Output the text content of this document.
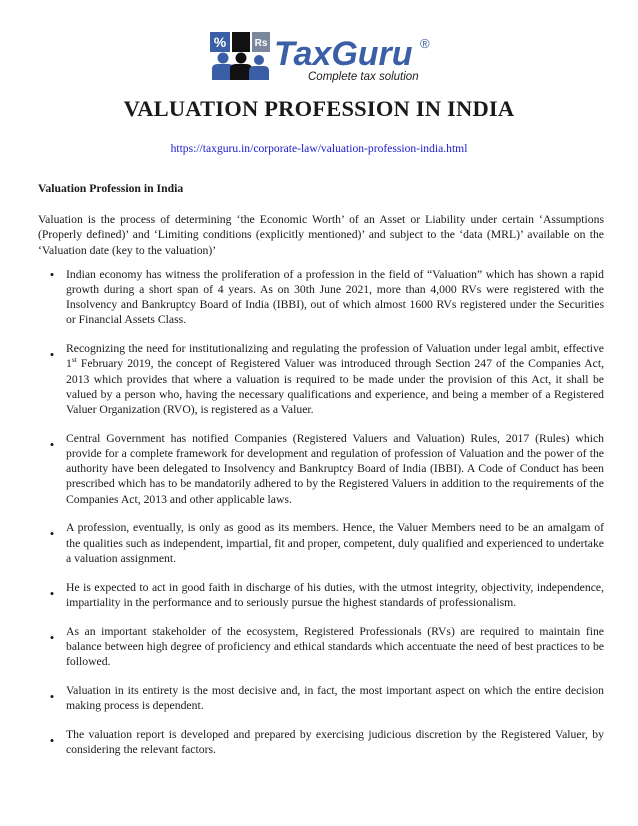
%	Rs TaxGuru ®
Complete tax solution
VALUATION PROFESSION IN INDIA
https://taxguru.in/corporate-law/valuation-profession-india.html

Valuation Profession in India

Valuation is the process of determining ‘the Economic Worth’ of an Asset or Liability under certain ‘Assumptions (Properly defined)’ and ‘Limiting conditions (explicitly mentioned)’ and subject to the ‘data (MRL)’ available on the ‘Valuation date (key to the valuation)’

•	Indian economy has witness the proliferation of a profession in the field of “Valuation” which has shown a rapid growth during a short span of 4 years. As on 30th June 2021, more than 4,000 RVs were registered with the Insolvency and Bankruptcy Board of India (IBBI), out of which almost 1600 RVs registered under the Securities or Financial Assets Class.
•	Recognizing the need for institutionalizing and regulating the profession of Valuation under legal ambit, effective 1st February 2019, the concept of Registered Valuer was introduced through Section 247 of the Companies Act, 2013 which provides that where a valuation is required to be made under the provision of this Act, it shall be valued by a person who, having the necessary qualifications and experience, and being a member of a Registered Valuer Organization (RVO), is registered as a Valuer.
•	Central Government has notified Companies (Registered Valuers and Valuation) Rules, 2017 (Rules) which provide for a complete framework for development and regulation of profession of Valuation and the power of the authority have been delegated to Insolvency and Bankruptcy Board of India (IBBI). A Code of Conduct has been prescribed which has to be mandatorily adhered to by the Registered Valuers in addition to the requirements of the Companies Act, 2013 and other applicable laws.
•	A profession, eventually, is only as good as its members. Hence, the Valuer Members need to be an amalgam of the qualities such as independent, impartial, fit and proper, competent, duly qualified and experienced to undertake a valuation assignment.
•	He is expected to act in good faith in discharge of his duties, with the utmost integrity, objectivity, independence, impartiality in the performance and to seriously pursue the highest standards of professionalism.
•	As an important stakeholder of the ecosystem, Registered Professionals (RVs) are required to maintain fine balance between high degree of proficiency and ethical standards which accentuate the need of best practices to be followed.
•	Valuation in its entirety is the most decisive and, in fact, the most important aspect on which the entire decision making process is dependent.
•	The valuation report is developed and prepared by exercising judicious discretion by the Registered Valuer, by considering the relevant factors.
